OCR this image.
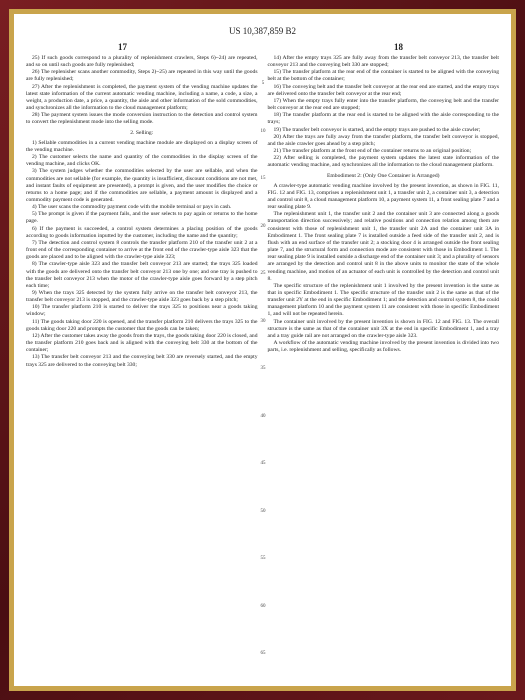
US 10,387,859 B2
17	18

25) If such goods correspond to a plurality of replenishment crawlers, Steps 6)~24) are repeated, and so on until such goods are fully replenished;

26) The replenisher scans another commodity, Steps 2)~25) are repeated in this way until the goods are fully replenished;

27) After the replenishment is completed, the payment system of the vending machine updates the latest state information of the current automatic vending machine, including a name, a code, a size, a weight, a production date, a price, a quantity, the aisle and other information of the sold commodities, and synchronizes all the information to the cloud management platform;

28) The payment system issues the mode conversion instruction to the detection and control system to convert the replenishment mode into the selling mode.

2. Selling:

1) Sellable commodities in a current vending machine module are displayed on a display screen of the vending machine.

2) The customer selects the name and quantity of the commodities in the display screen of the vending machine, and clicks OK.

3) The system judges whether the commodities selected by the user are sellable, and when the commodities are not sellable (for example, the quantity is insufficient, discount conditions are not met, and instant faults of equipment are presented), a prompt is given, and the user modifies the choice or returns to a home page; and if the commodities are sellable, a payment amount is displayed and a commodity payment code is generated.

4) The user scans the commodity payment code with the mobile terminal or pays in cash.

5) The prompt is given if the payment fails, and the user selects to pay again or returns to the home page.

6) If the payment is succeeded, a control system determines a placing position of the goods according to goods information inputted by the customer, including the name and the quantity;

7) The detection and control system 8 controls the transfer platform 210 of the transfer unit 2 at a front end of the corresponding container to arrive at the front end of the crawler-type aisle 323 that the goods are placed and to be aligned with the crawler-type aisle 323;

8) The crawler-type aisle 323 and the transfer belt conveyor 213 are started; the trays 325 loaded with the goods are delivered onto the transfer belt conveyor 213 one by one; and one tray is pushed to the transfer belt conveyor 213 when the motor of the crawler-type aisle goes forward by a step pitch each time;

9) When the trays 325 detected by the system fully arrive on the transfer belt conveyor 213, the transfer belt conveyor 213 is stopped, and the crawler-type aisle 323 goes back by a step pitch;

10) The transfer platform 210 is started to deliver the trays 325 to positions near a goods taking window;

11) The goods taking door 220 is opened, and the transfer platform 210 delivers the trays 325 to the goods taking door 220 and prompts the customer that the goods can be taken;

12) After the customer takes away the goods from the trays, the goods taking door 220 is closed, and the transfer platform 210 goes back and is aligned with the conveying belt 330 at the bottom of the container;

13) The transfer belt conveyor 213 and the conveying belt 330 are reversely started, and the empty trays 325 are delivered to the conveying belt 330;

5
10
15
20
25
30
35
40
45
50
55
60
65

14) After the empty trays 325 are fully away from the transfer belt conveyor 213, the transfer belt conveyor 213 and the conveying belt 330 are stopped;

15) The transfer platform at the rear end of the container is started to be aligned with the conveying belt at the bottom of the container;

16) The conveying belt and the transfer belt conveyor at the rear end are started, and the empty trays are delivered onto the transfer belt conveyor at the rear end;

17) When the empty trays fully enter into the transfer platform, the conveying belt and the transfer belt conveyor at the rear end are stopped;

18) The transfer platform at the rear end is started to be aligned with the aisle corresponding to the trays;

19) The transfer belt conveyor is started, and the empty trays are pushed to the aisle crawler;

20) After the trays are fully away from the transfer platform, the transfer belt conveyor is stopped, and the aisle crawler goes ahead by a step pitch;

21) The transfer platform at the front end of the container returns to an original position;

22) After selling is completed, the payment system updates the latest state information of the automatic vending machine, and synchronizes all the information to the cloud management platform.

Embodiment 2: (Only One Container is Arranged)

A crawler-type automatic vending machine involved by the present invention, as shown in FIG. 11, FIG. 12 and FIG. 13, comprises a replenishment unit 1, a transfer unit 2, a container unit 3, a detection and control unit 8, a cloud management platform 10, a payment system 11, a front sealing plate 7 and a rear sealing plate 9.

The replenishment unit 1, the transfer unit 2 and the container unit 3 are connected along a goods transportation direction successively; and relative positions and connection relation among them are consistent with those of replenishment unit 1, the transfer unit 2A and the container unit 3A in Embodiment 1. The front sealing plate 7 is installed outside a feed side of the transfer unit 2, and is flush with an end surface of the transfer unit 2; a stocking door 4 is arranged outside the front sealing plate 7, and the structural form and connection mode are consistent with those in Embodiment 1. The rear sealing plate 9 is installed outside a discharge end of the container unit 3; and a plurality of sensors are arranged by the detection and control unit 8 in the above units to monitor the state of the whole vending machine, and motion of an actuator of each unit is controlled by the detection and control unit 8.

The specific structure of the replenishment unit 1 involved by the present invention is the same as that in specific Embodiment 1. The specific structure of the transfer unit 2 is the same as that of the transfer unit 2Y at the end in specific Embodiment 1; and the detection and control system 8, the could management platform 10 and the payment system 11 are consistent with those in specific Embodiment 1, and will not be repeated herein.

The container unit involved by the present invention is shown in FIG. 12 and FIG. 13. The overall structure is the same as that of the container unit 3X at the end in specific Embodiment 1, and a tray and a tray guide rail are not arranged on the crawler-type aisle 323.

A workflow of the automatic vending machine involved by the present invention is divided into two parts, i.e. replenishment and selling, specifically as follows.
